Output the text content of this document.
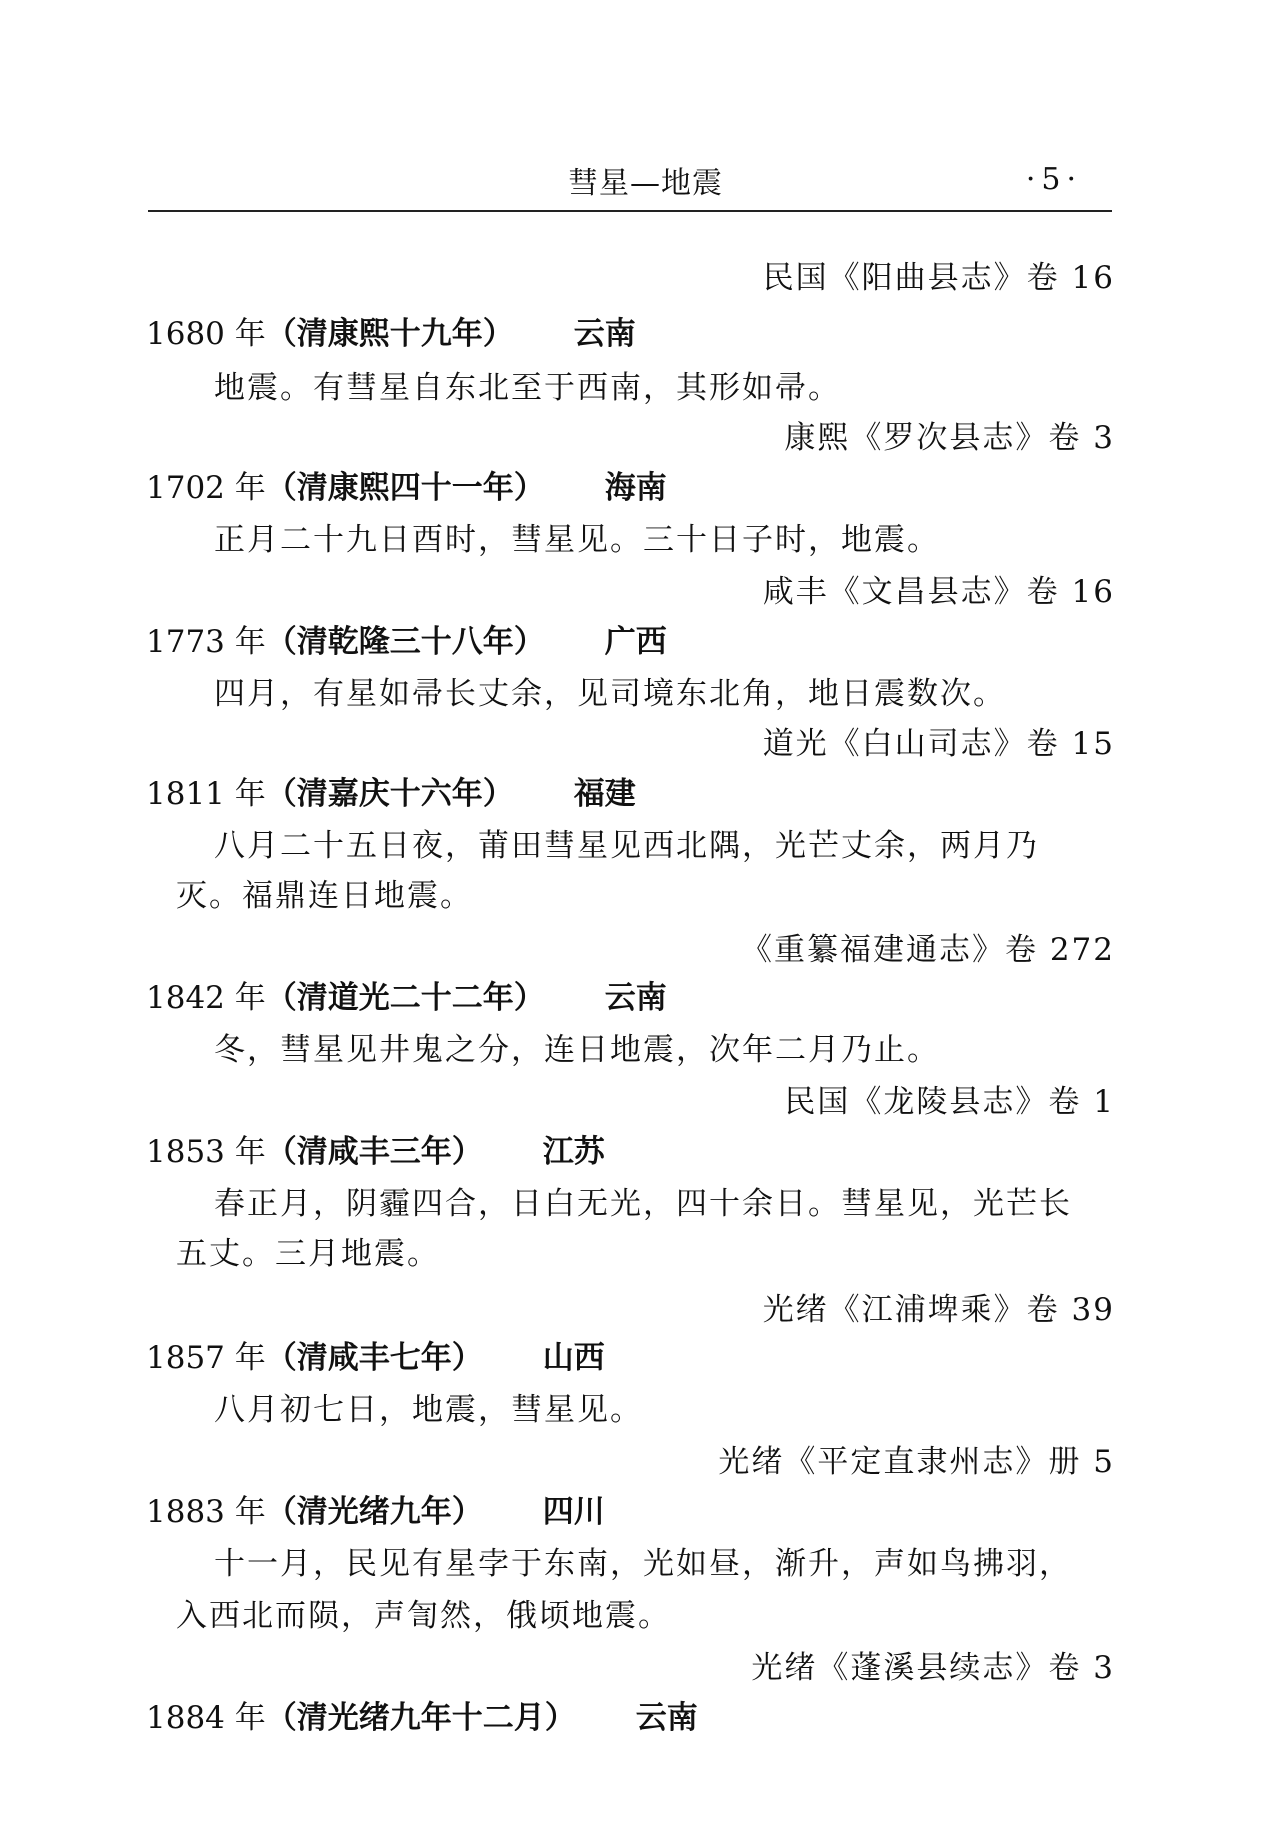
彗星—地震	·5·
民国《阳曲县志》卷 16
1680 年（清康熙十九年） 云南
地震。有彗星自东北至于西南，其形如帚。
康熙《罗次县志》卷 3
1702 年（清康熙四十一年） 海南
正月二十九日酉时，彗星见。三十日子时，地震。
咸丰《文昌县志》卷 16
1773 年（清乾隆三十八年） 广西
四月，有星如帚长丈余，见司境东北角，地日震数次。
道光《白山司志》卷 15
1811 年（清嘉庆十六年） 福建
八月二十五日夜，莆田彗星见西北隅，光芒丈余，两月乃
灭。福鼎连日地震。
《重纂福建通志》卷 272
1842 年（清道光二十二年） 云南
冬，彗星见井鬼之分，连日地震，次年二月乃止。
民国《龙陵县志》卷 1
1853 年（清咸丰三年） 江苏
春正月，阴霾四合，日白无光，四十余日。彗星见，光芒长
五丈。三月地震。
光绪《江浦埤乘》卷 39
1857 年（清咸丰七年） 山西
八月初七日，地震，彗星见。
光绪《平定直隶州志》册 5
1883 年（清光绪九年） 四川
十一月，民见有星孛于东南，光如昼，渐升，声如鸟拂羽，
入西北而陨，声訇然，俄顷地震。
光绪《蓬溪县续志》卷 3
1884 年（清光绪九年十二月） 云南
